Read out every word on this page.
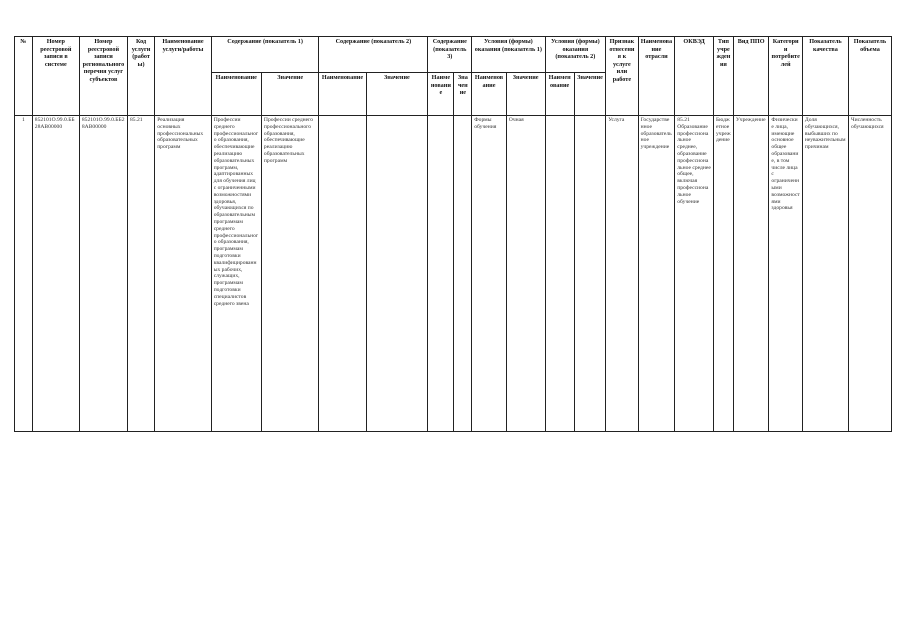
№	Номер реестровой записи в системе	Номер реестровой записи регионального перечня услуг субъектов	Код услуги (работы)	Наименование услуги/работы	Содержание (показатель 1)		Содержание (показатель 2)		Содержание (показатель 3)		Условия (формы) оказания (показатель 1)		Условия (формы) оказания (показатель 2)		Признак отнесения к услуге или работе	Наименование отрасли	ОКВЭД	Тип учреждения	Вид ППО	Категории потребителей	Показатель качества	Показатель объема
					Наименование	Значение	Наименование	Значение	Наименование	Значение	Наименование	Значение	Наименование	Значение								
1	852101О.99.0.ББ28АВ00000	852101О.99.0.ББ28АВ00000	85.21	Реализация основных профессиональных образовательных программ	Профессии среднего профессионального образования, обеспечивающие реализацию образовательных программ, адаптированных для обучения лиц с ограниченными возможностями здоровья, обучающихся по образовательным программам среднего профессионального образования, программам подготовки квалифицированных рабочих, служащих, программам подготовки специалистов среднего звена	Профессии среднего профессионального образования, обеспечивающие реализацию образовательных программ					Формы обучения	Очная			Услуга	Государственное образовательное учреждение	85.21 Образование профессиональное среднее, образование профессиональное среднее общее, включая профессиональное обучение	Бюджетное учреждение	Учреждение	Физические лица, имеющие основное общее образование, в том числе лица с ограниченными возможностями здоровья	Доля обучающихся, выбывших по неуважительным причинам	Численность обучающихся
